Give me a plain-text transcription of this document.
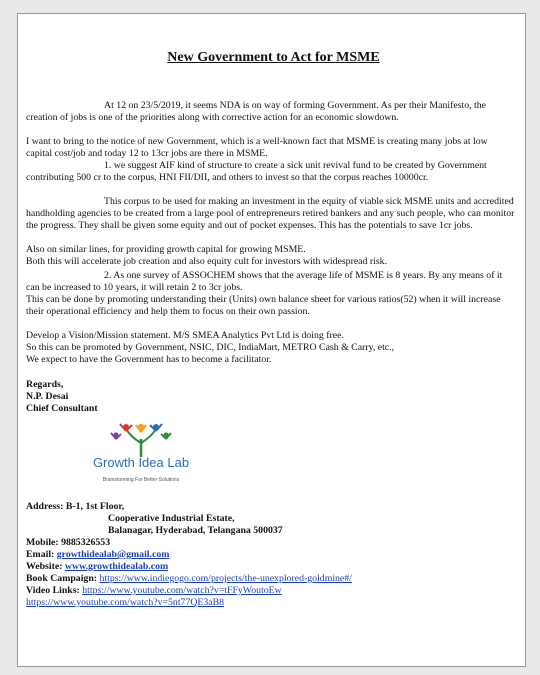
New Government to Act for MSME
At 12 on 23/5/2019, it seems NDA is on way of forming Government. As per their Manifesto, the creation of jobs is one of the priorities along with corrective action for an economic slowdown.
I want to bring to the notice of new Government, which is a well-known fact that MSME is creating many jobs at low capital cost/job and today 12 to 13cr jobs are there in MSME.
1. we suggest AIF kind of structure to create a sick unit revival fund to be created by Government contributing 500 cr to the corpus, HNI FII/DII, and others to invest so that the corpus reaches 10000cr.
This corpus to be used for making an investment in the equity of viable sick MSME units and accredited handholding agencies to be created from a large pool of entrepreneurs retired bankers and any such people, who can monitor the progress. They shall be given some equity and out of pocket expenses. This has the potentials to save 1cr jobs.
Also on similar lines, for providing growth capital for growing MSME.
Both this will accelerate job creation and also equity cult for investors with widespread risk.
2. As one survey of ASSOCHEM shows that the average life of MSME is 8 years. By any means of it can be increased to 10 years, it will retain 2 to 3cr jobs.
This can be done by promoting understanding their (Units) own balance sheet for various ratios(52) when it will increase their operational efficiency and help them to focus on their own passion.
Develop a Vision/Mission statement. M/S SMEA Analytics Pvt Ltd is doing free.
So this can be promoted by Government, NSIC, DIC, IndiaMart, METRO Cash & Carry, etc.,
We expect to have the Government has to become a facilitator.
Regards,
N.P. Desai
Chief Consultant
Growth Idea Lab
Brainstorming For Better Solutions
Address: B-1, 1st Floor,
Cooperative Industrial Estate,
Balanagar, Hyderabad, Telangana 500037
Mobile: 9885326553
Email: growthidealab@gmail.com
Website: www.growthidealab.com
Book Campaign: https://www.indiegogo.com/projects/the-unexplored-goldmine#/
Video Links: https://www.youtube.com/watch?v=tFFyWoutoEw
https://www.youtube.com/watch?v=5nt77QE3aB8
